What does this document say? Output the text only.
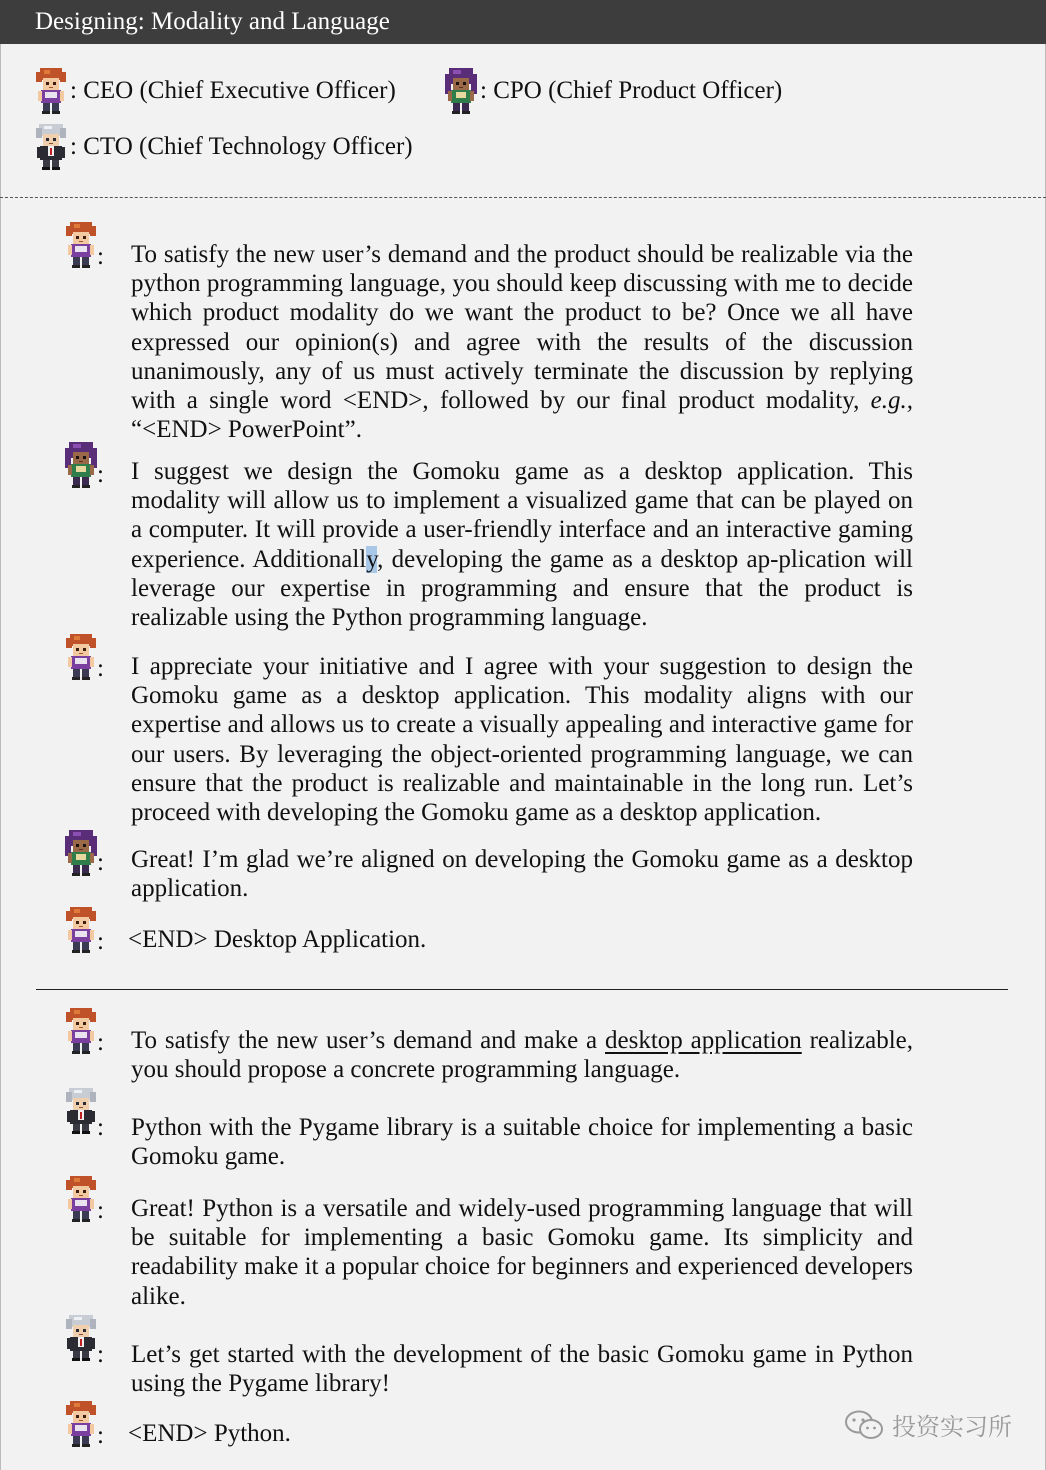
Designing: Modality and Language
: CEO (Chief Executive Officer)	: CPO (Chief Product Officer)
: CTO (Chief Technology Officer)
: To satisfy the new user’s demand and the product should be realizable via the python programming language, you should keep discussing with me to decide which product modality do we want the product to be? Once we all have expressed our opinion(s) and agree with the results of the discussion unanimously, any of us must actively terminate the discussion by replying with a single word <END>, followed by our final product modality, e.g., “<END> PowerPoint”.
: I suggest we design the Gomoku game as a desktop application. This modality will allow us to implement a visualized game that can be played on a computer. It will provide a user-friendly interface and an interactive gaming experience. Additionally, developing the game as a desktop ap-plication will leverage our expertise in programming and ensure that the product is realizable using the Python programming language.
: I appreciate your initiative and I agree with your suggestion to design the Gomoku game as a desktop application. This modality aligns with our expertise and allows us to create a visually appealing and interactive game for our users. By leveraging the object-oriented programming language, we can ensure that the product is realizable and maintainable in the long run. Let’s proceed with developing the Gomoku game as a desktop application.
: Great! I’m glad we’re aligned on developing the Gomoku game as a desktop application.
: <END> Desktop Application.
: To satisfy the new user’s demand and make a desktop application realizable, you should propose a concrete programming language.
: Python with the Pygame library is a suitable choice for implementing a basic Gomoku game.
: Great! Python is a versatile and widely-used programming language that will be suitable for implementing a basic Gomoku game. Its simplicity and readability make it a popular choice for beginners and experienced developers alike.
: Let’s get started with the development of the basic Gomoku game in Python using the Pygame library!
: <END> Python.	投资实习所
